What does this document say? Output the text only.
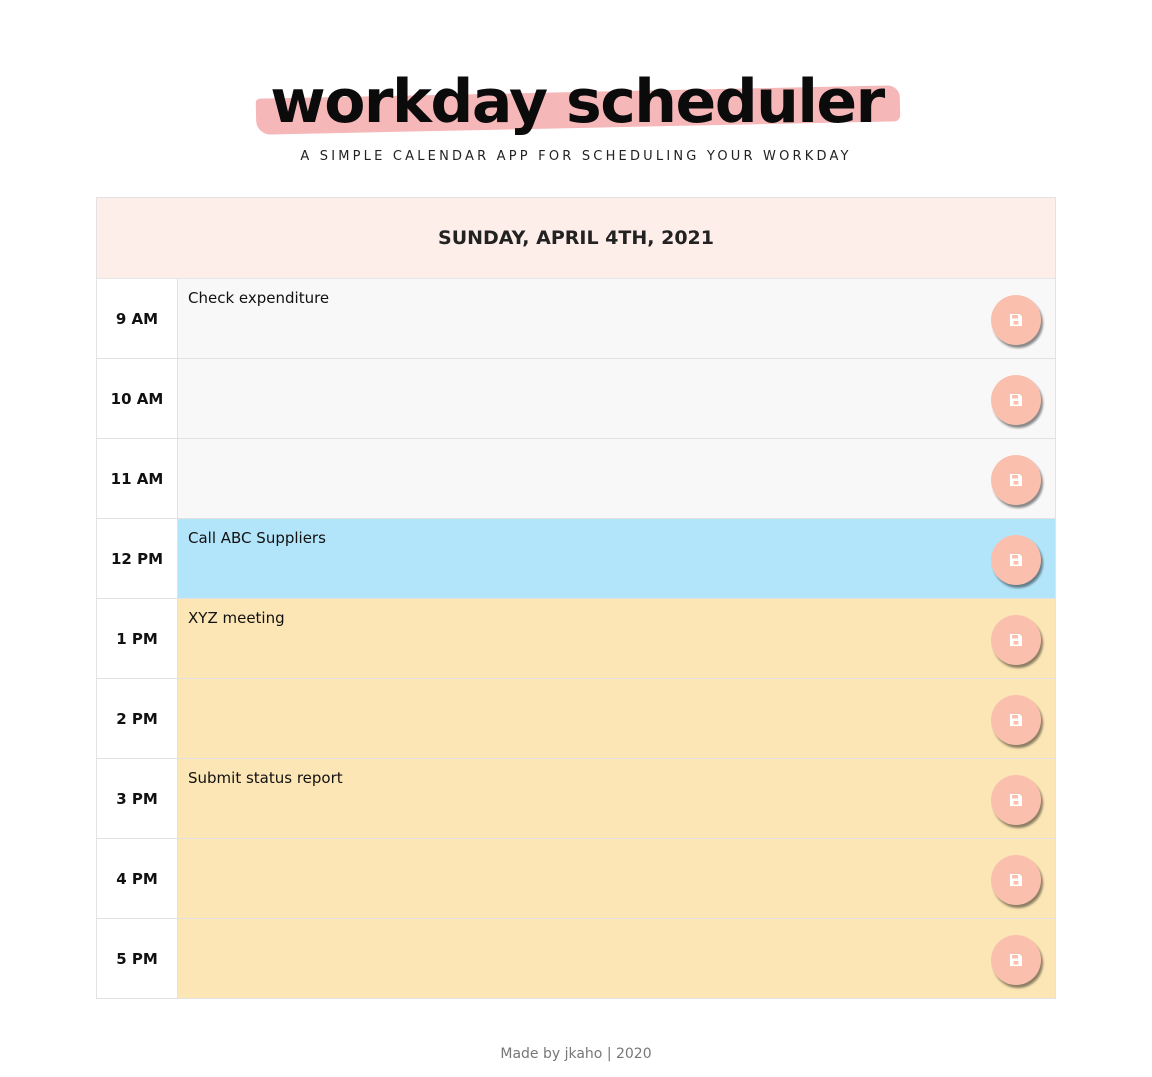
workday scheduler
A SIMPLE CALENDAR APP FOR SCHEDULING YOUR WORKDAY
SUNDAY, APRIL 4TH, 2021
9 AM
Check expenditure
10 AM
11 AM
12 PM
Call ABC Suppliers
1 PM
XYZ meeting
2 PM
3 PM
Submit status report
4 PM
5 PM
Made by jkaho | 2020
